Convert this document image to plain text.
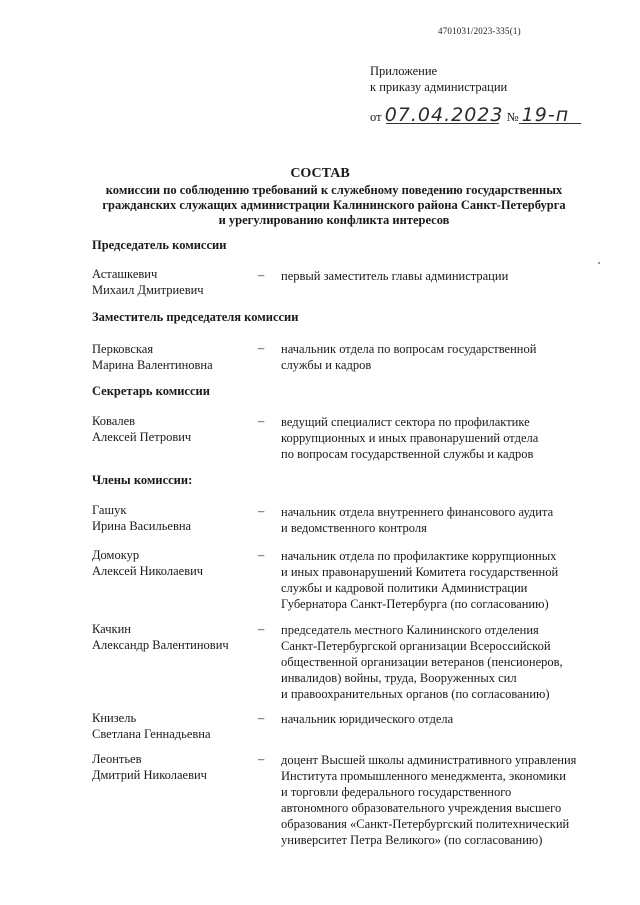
4701031/2023-335(1)
Приложение
к приказу администрации
от 07.04.2023 № 19-п
СОСТАВ
комиссии по соблюдению требований к служебному поведению государственных
гражданских служащих администрации Калининского района Санкт-Петербурга
и урегулированию конфликта интересов
Председатель комиссии
Асташкевич
Михаил Дмитриевич
– первый заместитель главы администрации
Заместитель председателя комиссии
Перковская
Марина Валентиновна
– начальник отдела по вопросам государственной
службы и кадров
Секретарь комиссии
Ковалев
Алексей Петрович
– ведущий специалист сектора по профилактике
коррупционных и иных правонарушений отдела
по вопросам государственной службы и кадров
Члены комиссии:
Гашук
Ирина Васильевна
– начальник отдела внутреннего финансового аудита
и ведомственного контроля
Домокур
Алексей Николаевич
– начальник отдела по профилактике коррупционных
и иных правонарушений Комитета государственной
службы и кадровой политики Администрации
Губернатора Санкт-Петербурга (по согласованию)
Качкин
Александр Валентинович
– председатель местного Калининского отделения
Санкт-Петербургской организации Всероссийской
общественной организации ветеранов (пенсионеров,
инвалидов) войны, труда, Вооруженных сил
и правоохранительных органов (по согласованию)
Книзель
Светлана Геннадьевна
– начальник юридического отдела
Леонтьев
Дмитрий Николаевич
– доцент Высшей школы административного управления
Института промышленного менеджмента, экономики
и торговли федерального государственного
автономного образовательного учреждения высшего
образования «Санкт-Петербургский политехнический
университет Петра Великого» (по согласованию)
